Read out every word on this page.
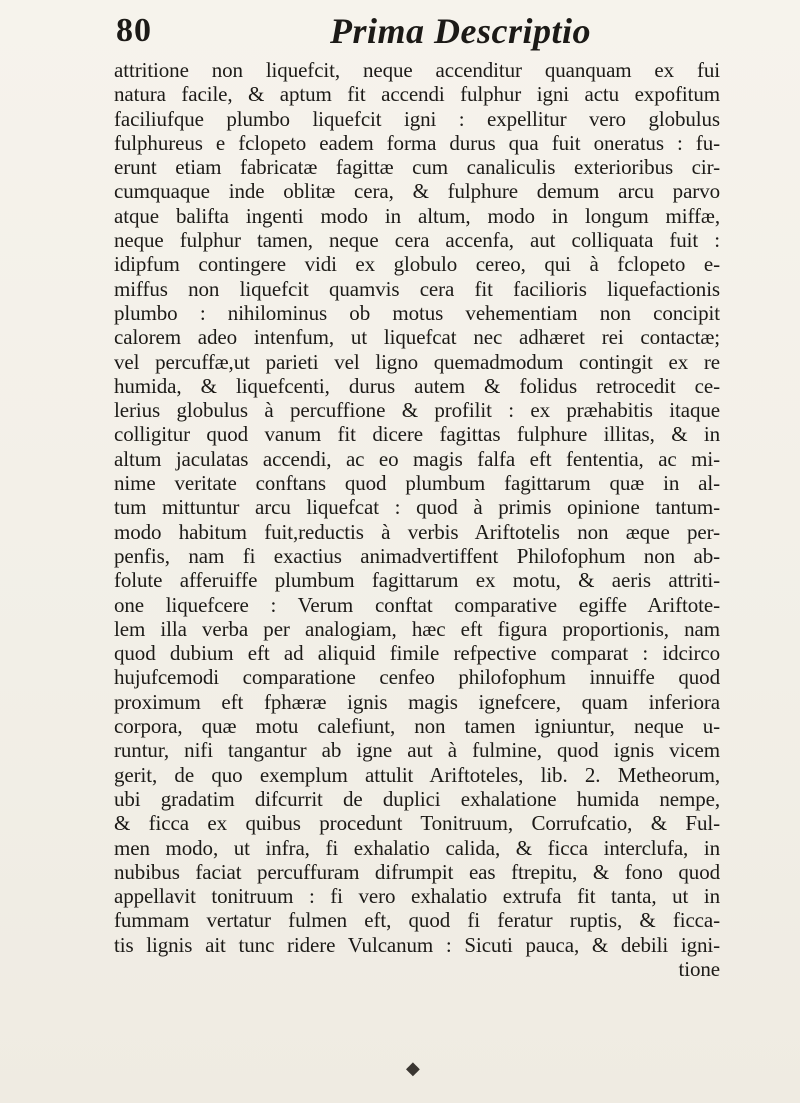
80	Prima Descriptio
attritione non liquefcit, neque accenditur quanquam ex fui
natura facile, & aptum fit accendi fulphur igni actu expofitum
faciliufque plumbo liquefcit igni : expellitur vero globulus
fulphureus e fclopeto eadem forma durus qua fuit oneratus : fu-
erunt etiam fabricatæ fagittæ cum canaliculis exterioribus cir-
cumquaque inde oblitæ cera, & fulphure demum arcu parvo
atque balifta ingenti modo in altum, modo in longum miffæ,
neque fulphur tamen, neque cera accenfa, aut colliquata fuit :
idipfum contingere vidi ex globulo cereo, qui à fclopeto e-
miffus non liquefcit quamvis cera fit facilioris liquefactionis
plumbo : nihilominus ob motus vehementiam non concipit
calorem adeo intenfum, ut liquefcat nec adhæret rei contactæ;
vel percuffæ,ut parieti vel ligno quemadmodum contingit ex re
humida, & liquefcenti, durus autem & folidus retrocedit ce-
lerius globulus à percuffione & profilit : ex præhabitis itaque
colligitur quod vanum fit dicere fagittas fulphure illitas, & in
altum jaculatas accendi, ac eo magis falfa eft fententia, ac mi-
nime veritate conftans quod plumbum fagittarum quæ in al-
tum mittuntur arcu liquefcat : quod à primis opinione tantum-
modo habitum fuit,reductis à verbis Ariftotelis non æque per-
penfis, nam fi exactius animadvertiffent Philofophum non ab-
folute afferuiffe plumbum fagittarum ex motu, & aeris attriti-
one liquefcere : Verum conftat comparative egiffe Ariftote-
lem illa verba per analogiam, hæc eft figura proportionis, nam
quod dubium eft ad aliquid fimile refpective comparat : idcirco
hujufcemodi comparatione cenfeo philofophum innuiffe quod
proximum eft fphæræ ignis magis ignefcere, quam inferiora
corpora, quæ motu calefiunt, non tamen igniuntur, neque u-
runtur, nifi tangantur ab igne aut à fulmine, quod ignis vicem
gerit, de quo exemplum attulit Ariftoteles, lib. 2. Metheorum,
ubi gradatim difcurrit de duplici exhalatione humida nempe,
& ficca ex quibus procedunt Tonitruum, Corrufcatio, & Ful-
men modo, ut infra, fi exhalatio calida, & ficca interclufa, in
nubibus faciat percuffuram difrumpit eas ftrepitu, & fono quod
appellavit tonitruum : fi vero exhalatio extrufa fit tanta, ut in
fummam vertatur fulmen eft, quod fi feratur ruptis, & ficca-
tis lignis ait tunc ridere Vulcanum : Sicuti pauca, & debili igni-
tione
◆
